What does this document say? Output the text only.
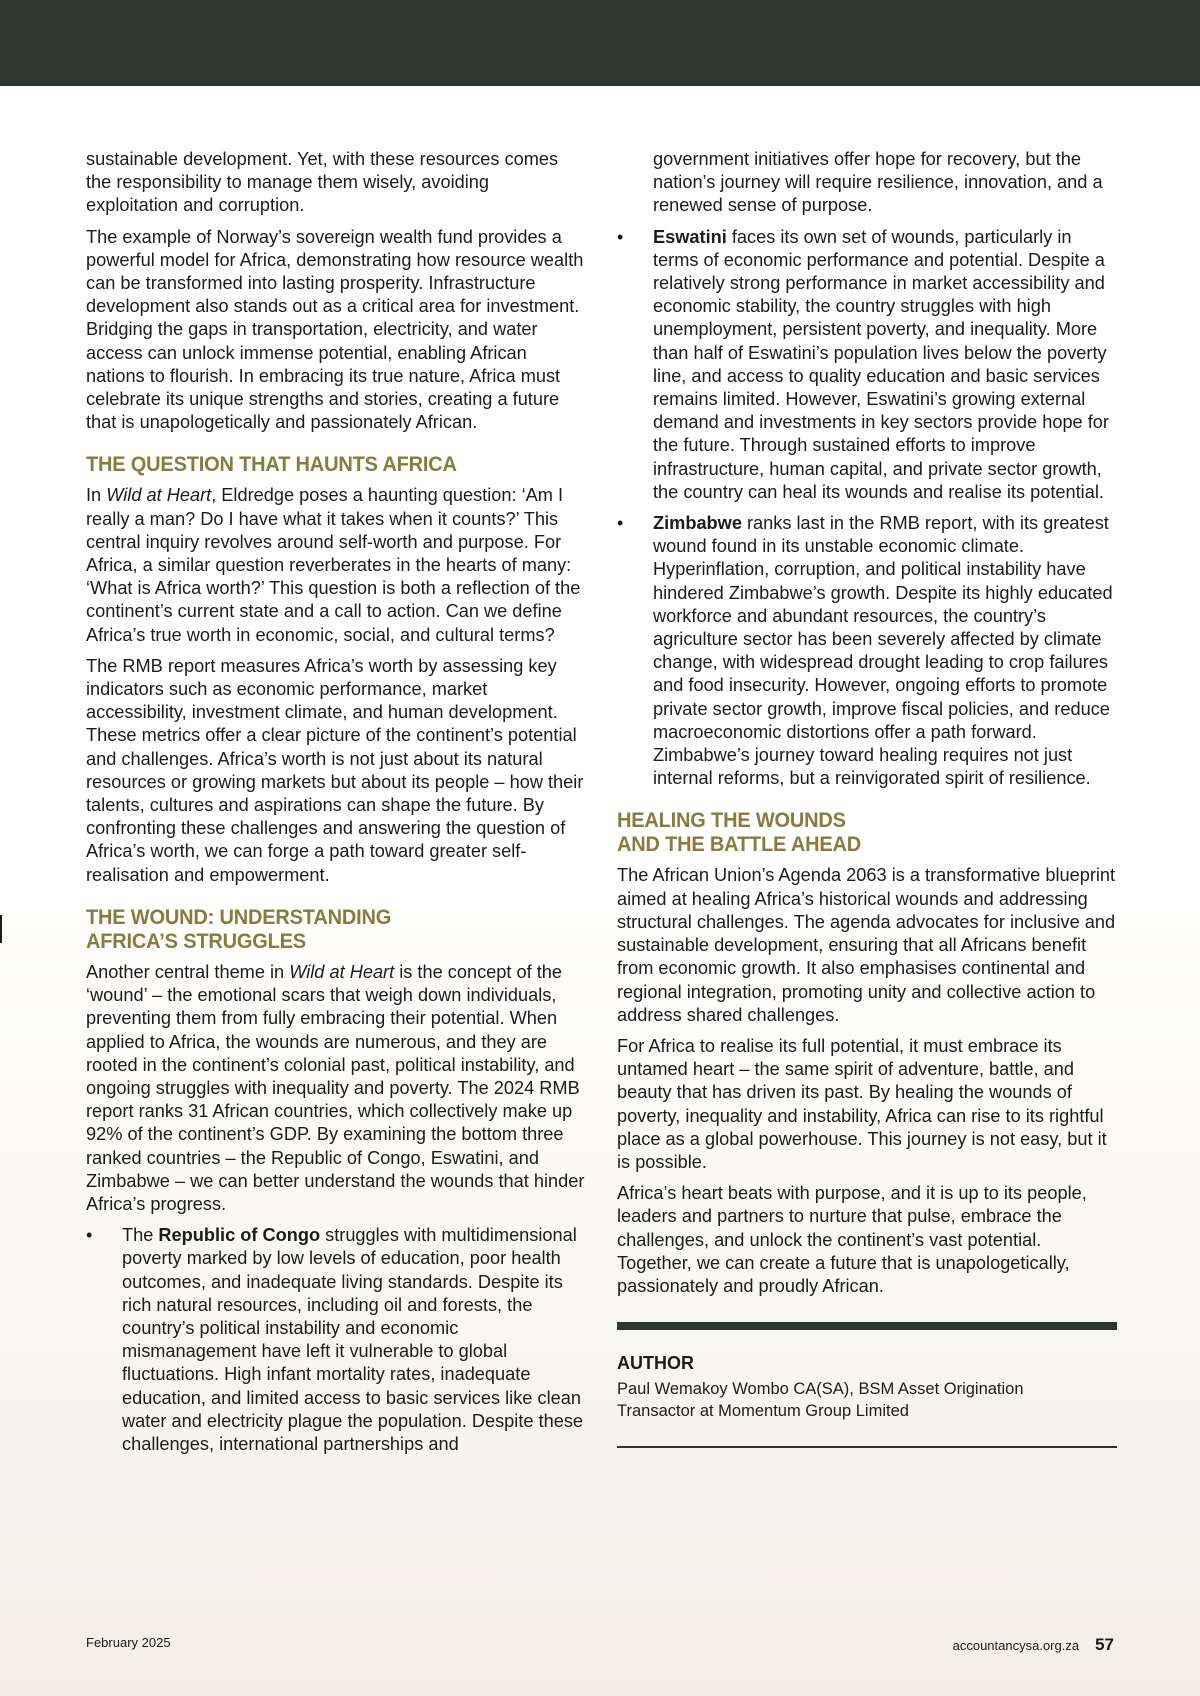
sustainable development. Yet, with these resources comes the responsibility to manage them wisely, avoiding exploitation and corruption.

The example of Norway’s sovereign wealth fund provides a powerful model for Africa, demonstrating how resource wealth can be transformed into lasting prosperity. Infrastructure development also stands out as a critical area for investment. Bridging the gaps in transportation, electricity, and water access can unlock immense potential, enabling African nations to flourish. In embracing its true nature, Africa must celebrate its unique strengths and stories, creating a future that is unapologetically and passionately African.

THE QUESTION THAT HAUNTS AFRICA

In Wild at Heart, Eldredge poses a haunting question: ‘Am I really a man? Do I have what it takes when it counts?’ This central inquiry revolves around self-worth and purpose. For Africa, a similar question reverberates in the hearts of many: ‘What is Africa worth?’ This question is both a reflection of the continent’s current state and a call to action. Can we define Africa’s true worth in economic, social, and cultural terms?

The RMB report measures Africa’s worth by assessing key indicators such as economic performance, market accessibility, investment climate, and human development. These metrics offer a clear picture of the continent’s potential and challenges. Africa’s worth is not just about its natural resources or growing markets but about its people – how their talents, cultures and aspirations can shape the future. By confronting these challenges and answering the question of Africa’s worth, we can forge a path toward greater self-realisation and empowerment.

THE WOUND: UNDERSTANDING
AFRICA’S STRUGGLES

Another central theme in Wild at Heart is the concept of the ‘wound’ – the emotional scars that weigh down individuals, preventing them from fully embracing their potential. When applied to Africa, the wounds are numerous, and they are rooted in the continent’s colonial past, political instability, and ongoing struggles with inequality and poverty. The 2024 RMB report ranks 31 African countries, which collectively make up 92% of the continent’s GDP. By examining the bottom three ranked countries – the Republic of Congo, Eswatini, and Zimbabwe – we can better understand the wounds that hinder Africa’s progress.

• The Republic of Congo struggles with multidimensional poverty marked by low levels of education, poor health outcomes, and inadequate living standards. Despite its rich natural resources, including oil and forests, the country’s political instability and economic mismanagement have left it vulnerable to global fluctuations. High infant mortality rates, inadequate education, and limited access to basic services like clean water and electricity plague the population. Despite these challenges, international partnerships and

government initiatives offer hope for recovery, but the nation’s journey will require resilience, innovation, and a renewed sense of purpose.

• Eswatini faces its own set of wounds, particularly in terms of economic performance and potential. Despite a relatively strong performance in market accessibility and economic stability, the country struggles with high unemployment, persistent poverty, and inequality. More than half of Eswatini’s population lives below the poverty line, and access to quality education and basic services remains limited. However, Eswatini’s growing external demand and investments in key sectors provide hope for the future. Through sustained efforts to improve infrastructure, human capital, and private sector growth, the country can heal its wounds and realise its potential.
• Zimbabwe ranks last in the RMB report, with its greatest wound found in its unstable economic climate. Hyperinflation, corruption, and political instability have hindered Zimbabwe’s growth. Despite its highly educated workforce and abundant resources, the country’s agriculture sector has been severely affected by climate change, with widespread drought leading to crop failures and food insecurity. However, ongoing efforts to promote private sector growth, improve fiscal policies, and reduce macroeconomic distortions offer a path forward. Zimbabwe’s journey toward healing requires not just internal reforms, but a reinvigorated spirit of resilience.
HEALING THE WOUNDS
AND THE BATTLE AHEAD

The African Union’s Agenda 2063 is a transformative blueprint aimed at healing Africa’s historical wounds and addressing structural challenges. The agenda advocates for inclusive and sustainable development, ensuring that all Africans benefit from economic growth. It also emphasises continental and regional integration, promoting unity and collective action to address shared challenges.

For Africa to realise its full potential, it must embrace its untamed heart – the same spirit of adventure, battle, and beauty that has driven its past. By healing the wounds of poverty, inequality and instability, Africa can rise to its rightful place as a global powerhouse. This journey is not easy, but it is possible.

Africa’s heart beats with purpose, and it is up to its people, leaders and partners to nurture that pulse, embrace the challenges, and unlock the continent’s vast potential. Together, we can create a future that is unapologetically, passionately and proudly African.

AUTHOR
Paul Wemakoy Wombo CA(SA), BSM Asset Origination
Transactor at Momentum Group Limited
February 2025	accountancysa.org.za 57
